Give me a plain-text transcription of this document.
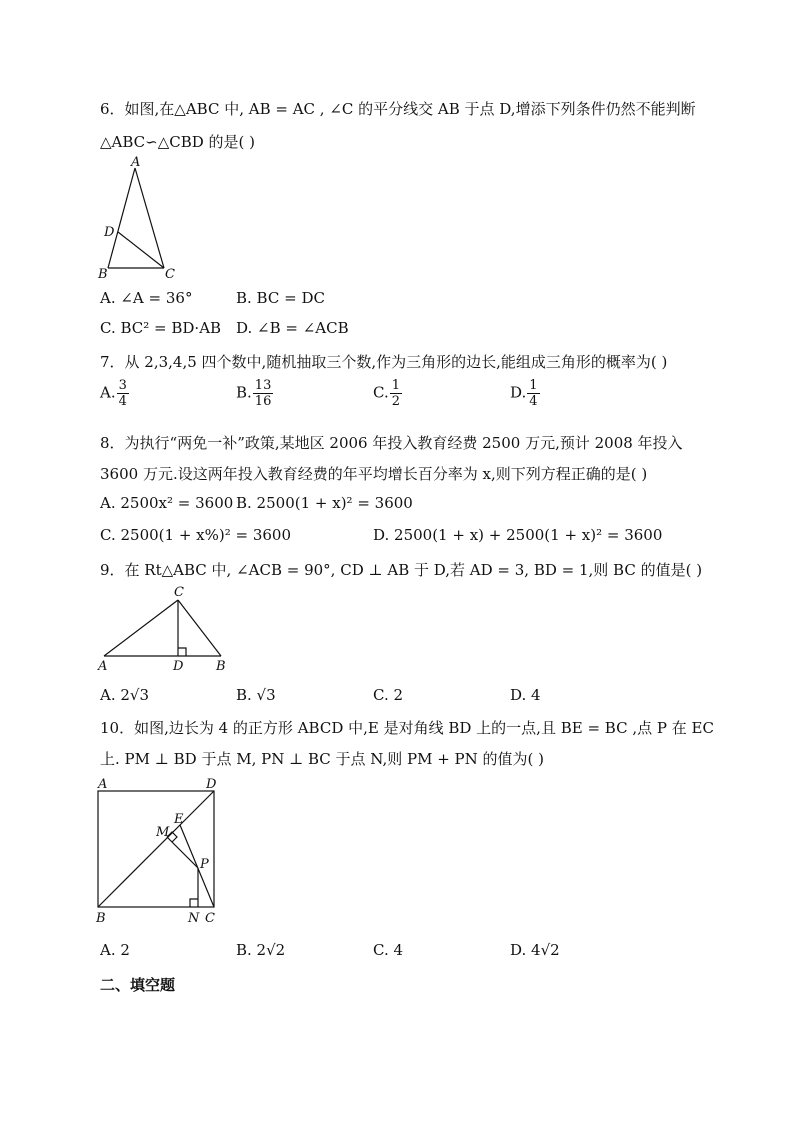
6．如图,在△ABC 中, AB = AC , ∠C 的平分线交 AB 于点 D,增添下列条件仍然不能判断
△ABC∽△CBD 的是( )
A
D
B	C
A. ∠A = 36°	B. BC = DC
C. BC² = BD·AB D. ∠B = ∠ACB
7．从 2,3,4,5 四个数中,随机抽取三个数,作为三角形的边长,能组成三角形的概率为( )
A. $\frac{3}{4}$	B. $\frac{13}{16}$	C. $\frac{1}{2}$	D. $\frac{1}{4}$
8．为执行“两免一补”政策,某地区 2006 年投入教育经费 2500 万元,预计 2008 年投入
3600 万元.设这两年投入教育经费的年平均增长百分率为 x,则下列方程正确的是( )
A. 2500x² = 3600 B. 2500(1 + x)² = 3600
C. 2500(1 + x%)² = 3600	D. 2500(1 + x) + 2500(1 + x)² = 3600
9．在 Rt△ABC 中, ∠ACB = 90°, CD ⊥ AB 于 D,若 AD = 3, BD = 1,则 BC 的值是( )
C
A	D	B
A. 2√3	B. √3	C. 2	D. 4
10．如图,边长为 4 的正方形 ABCD 中,E 是对角线 BD 上的一点,且 BE = BC ,点 P 在 EC
上. PM ⊥ BD 于点 M, PN ⊥ BC 于点 N,则 PM + PN 的值为( )
A	D
E
M
P
B	N C
A. 2	B. 2√2	C. 4	D. 4√2
二、填空题
